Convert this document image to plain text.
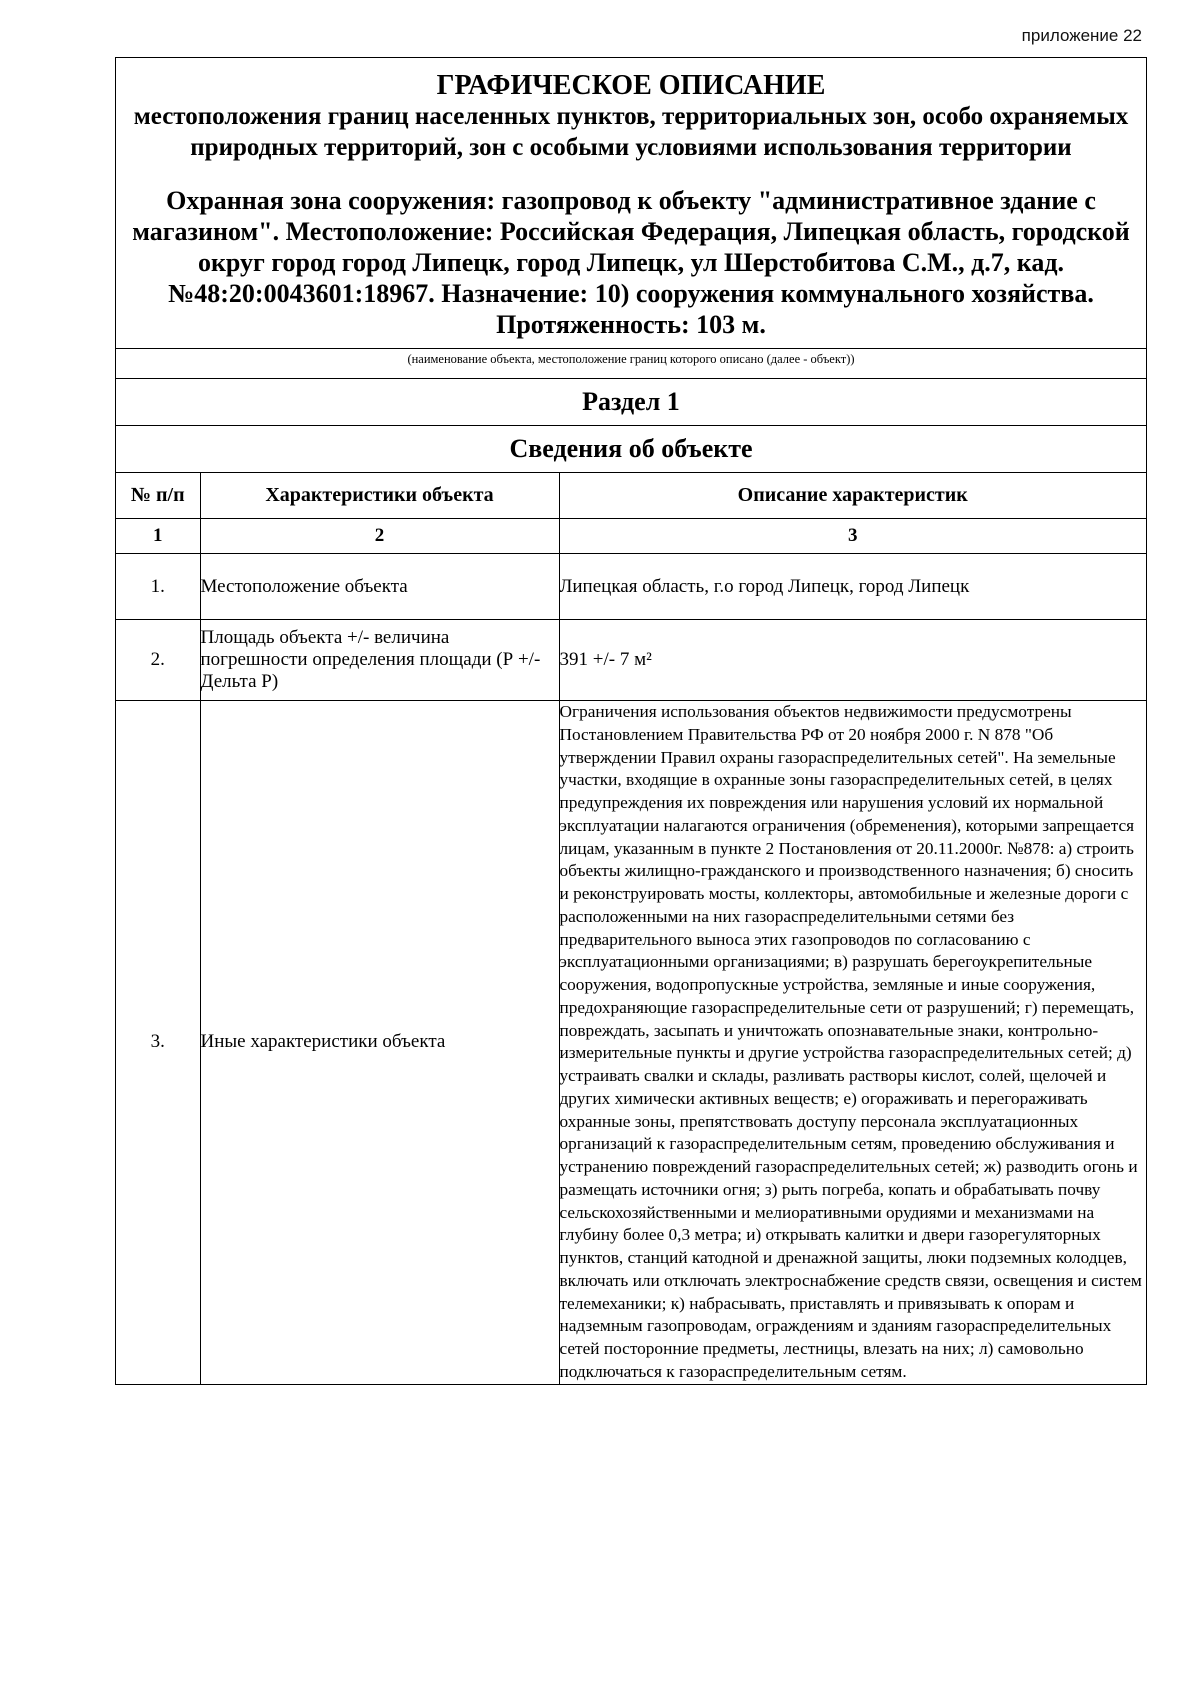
приложение 22
ГРАФИЧЕСКОЕ ОПИСАНИЕ
местоположения границ населенных пунктов, территориальных зон, особо охраняемых природных территорий, зон с особыми условиями использования территории
Охранная зона сооружения: газопровод к объекту "административное здание с магазином". Местоположение: Российская Федерация, Липецкая область, городской округ город город Липецк, город Липецк, ул Шерстобитова С.М., д.7, кад.№48:20:0043601:18967. Назначение: 10) сооружения коммунального хозяйства. Протяженность: 103 м.
(наименование объекта, местоположение границ которого описано (далее - объект))
Раздел 1
Сведения об объекте
№ п/п	Характеристики объекта	Описание характеристик
1	2	3
1.	Местоположение объекта	Липецкая область, г.о город Липецк, город Липецк
2.	Площадь объекта +/- величина погрешности определения площади (Р +/- Дельта Р)	391 +/- 7 м²
3.	Иные характеристики объекта	Ограничения использования объектов недвижимости предусмотрены Постановлением Правительства РФ от 20 ноября 2000 г. N 878 "Об утверждении Правил охраны газораспределительных сетей". На земельные участки, входящие в охранные зоны газораспределительных сетей, в целях предупреждения их повреждения или нарушения условий их нормальной эксплуатации налагаются ограничения (обременения), которыми запрещается лицам, указанным в пункте 2 Постановления от 20.11.2000г. №878: а) строить объекты жилищно-гражданского и производственного назначения; б) сносить и реконструировать мосты, коллекторы, автомобильные и железные дороги с расположенными на них газораспределительными сетями без предварительного выноса этих газопроводов по согласованию с эксплуатационными организациями; в) разрушать берегоукрепительные сооружения, водопропускные устройства, земляные и иные сооружения, предохраняющие газораспределительные сети от разрушений; г) перемещать, повреждать, засыпать и уничтожать опознавательные знаки, контрольно-измерительные пункты и другие устройства газораспределительных сетей; д) устраивать свалки и склады, разливать растворы кислот, солей, щелочей и других химически активных веществ; е) огораживать и перегораживать охранные зоны, препятствовать доступу персонала эксплуатационных организаций к газораспределительным сетям, проведению обслуживания и устранению повреждений газораспределительных сетей; ж) разводить огонь и размещать источники огня; з) рыть погреба, копать и обрабатывать почву сельскохозяйственными и мелиоративными орудиями и механизмами на глубину более 0,3 метра; и) открывать калитки и двери газорегуляторных пунктов, станций катодной и дренажной защиты, люки подземных колодцев, включать или отключать электроснабжение средств связи, освещения и систем телемеханики; к) набрасывать, приставлять и привязывать к опорам и надземным газопроводам, ограждениям и зданиям газораспределительных сетей посторонние предметы, лестницы, влезать на них; л) самовольно подключаться к газораспределительным сетям.
